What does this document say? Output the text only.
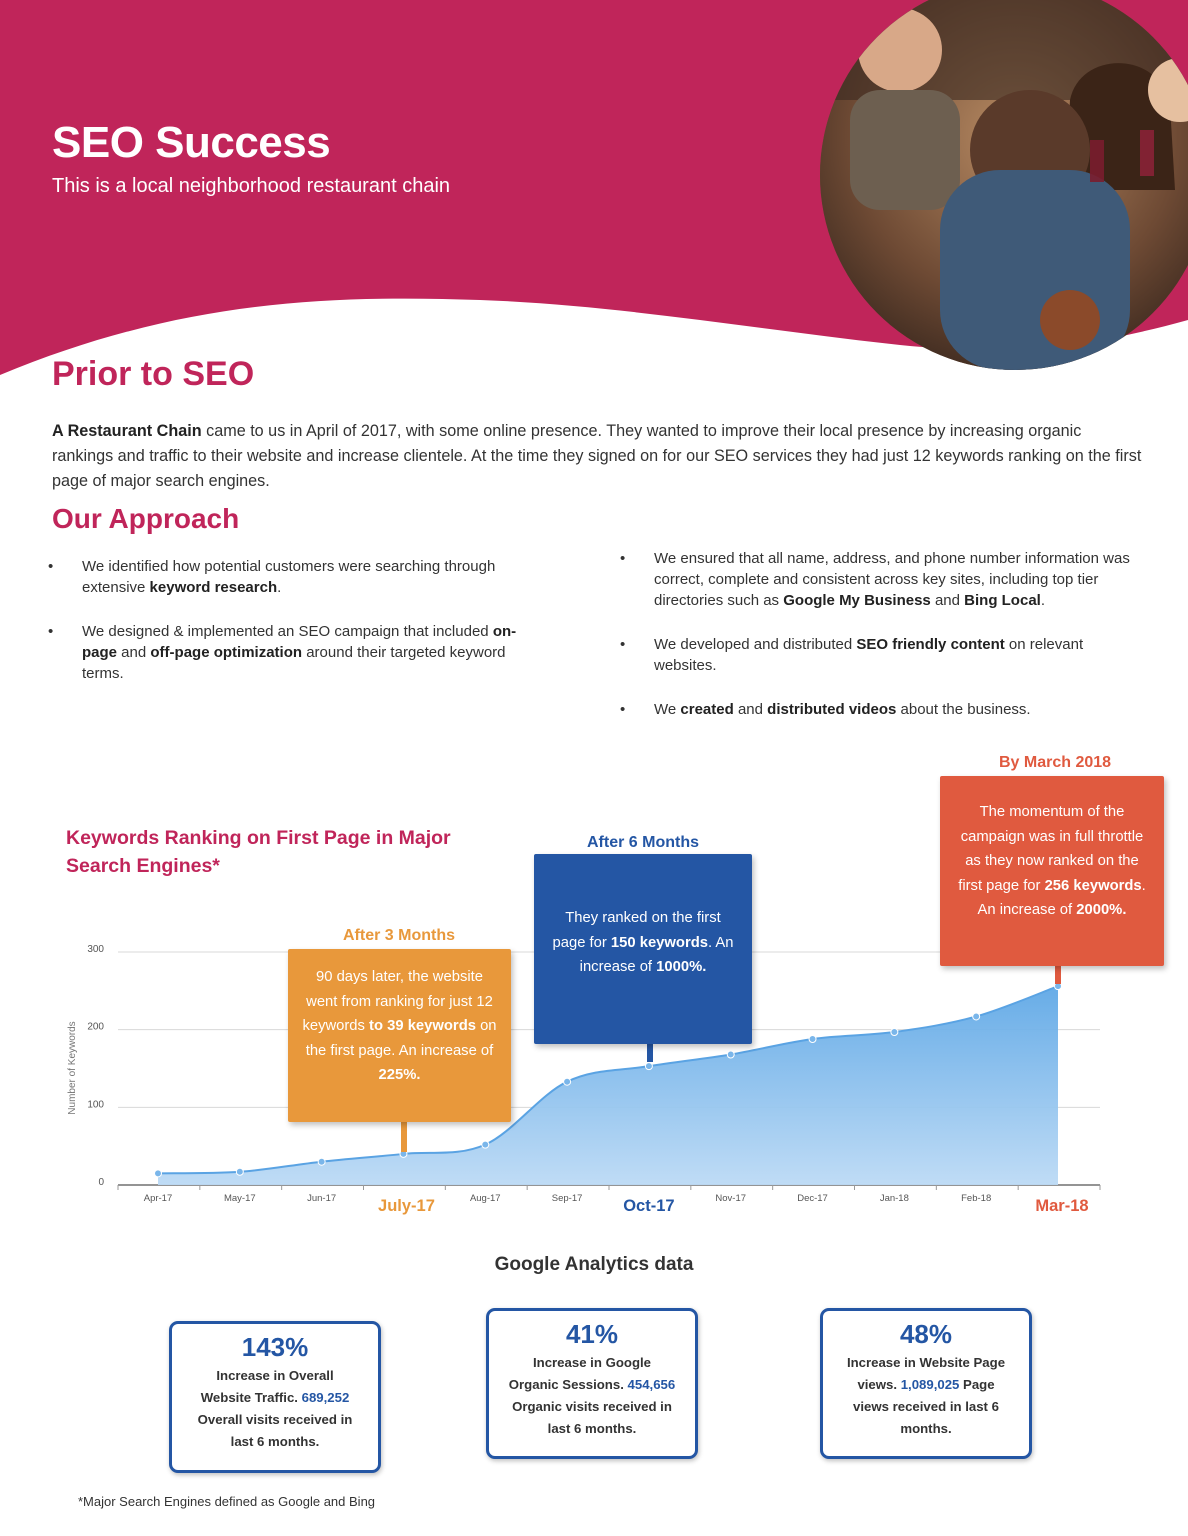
SEO Success
This is a local neighborhood restaurant chain
Prior to SEO

A Restaurant Chain came to us in April of 2017, with some online presence. They wanted to improve their local presence by increasing organic rankings and traffic to their website and increase clientele. At the time they signed on for our SEO services they had just 12 keywords ranking on the first page of major search engines.

Our Approach
• We identified how potential customers were searching through extensive keyword research.
• We designed & implemented an SEO campaign that included on-page and off-page optimization around their targeted keyword terms.
• We ensured that all name, address, and phone number information was correct, complete and consistent across key sites, including top tier directories such as Google My Business and Bing Local.
• We developed and distributed SEO friendly content on relevant websites.
• We created and distributed videos about the business.
Keywords Ranking on First Page in Major Search Engines*
0
100
200
300
Number of Keywords
Apr-17	May-17	Jun-17	Aug-17	Sep-17	Nov-17	Dec-17	Jan-18	Feb-18
July-17	Oct-17	Mar-18
After 3 Months
90 days later, the website went from ranking for just 12 keywords to 39 keywords on the first page. An increase of 225%.
After 6 Months
They ranked on the first page for 150 keywords. An increase of 1000%.
By March 2018
The momentum of the campaign was in full throttle as they now ranked on the first page for 256 keywords. An increase of 2000%.
Google Analytics data
143%
Increase in Overall Website Traffic. 689,252 Overall visits received in last 6 months.
41%
Increase in Google Organic Sessions. 454,656 Organic visits received in last 6 months.
48%
Increase in Website Page views. 1,089,025 Page views received in last 6 months.
*Major Search Engines defined as Google and Bing
